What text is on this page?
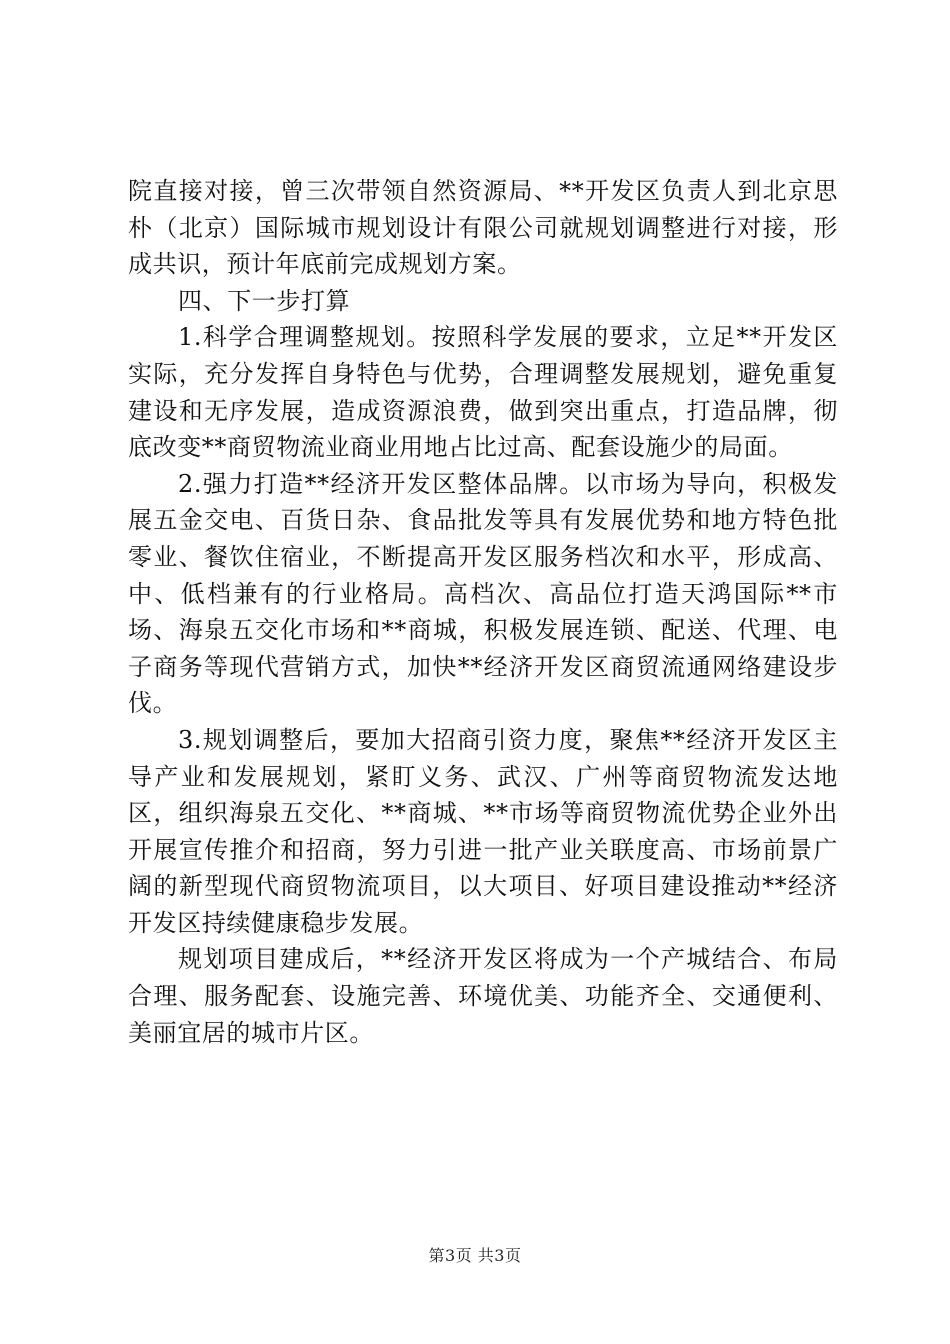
院直接对接，曾三次带领自然资源局、**开发区负责人到北京思朴（北京）国际城市规划设计有限公司就规划调整进行对接，形成共识，预计年底前完成规划方案。

四、下一步打算

1.科学合理调整规划。按照科学发展的要求，立足**开发区实际，充分发挥自身特色与优势，合理调整发展规划，避免重复建设和无序发展，造成资源浪费，做到突出重点，打造品牌，彻底改变**商贸物流业商业用地占比过高、配套设施少的局面。

2.强力打造**经济开发区整体品牌。以市场为导向，积极发展五金交电、百货日杂、食品批发等具有发展优势和地方特色批零业、餐饮住宿业，不断提高开发区服务档次和水平，形成高、中、低档兼有的行业格局。高档次、高品位打造天鸿国际**市场、海泉五交化市场和**商城，积极发展连锁、配送、代理、电子商务等现代营销方式，加快**经济开发区商贸流通网络建设步伐。

3.规划调整后，要加大招商引资力度，聚焦**经济开发区主导产业和发展规划，紧盯义务、武汉、广州等商贸物流发达地区，组织海泉五交化、**商城、**市场等商贸物流优势企业外出开展宣传推介和招商，努力引进一批产业关联度高、市场前景广阔的新型现代商贸物流项目，以大项目、好项目建设推动**经济开发区持续健康稳步发展。

规划项目建成后，**经济开发区将成为一个产城结合、布局合理、服务配套、设施完善、环境优美、功能齐全、交通便利、美丽宜居的城市片区。

第3页 共3页
